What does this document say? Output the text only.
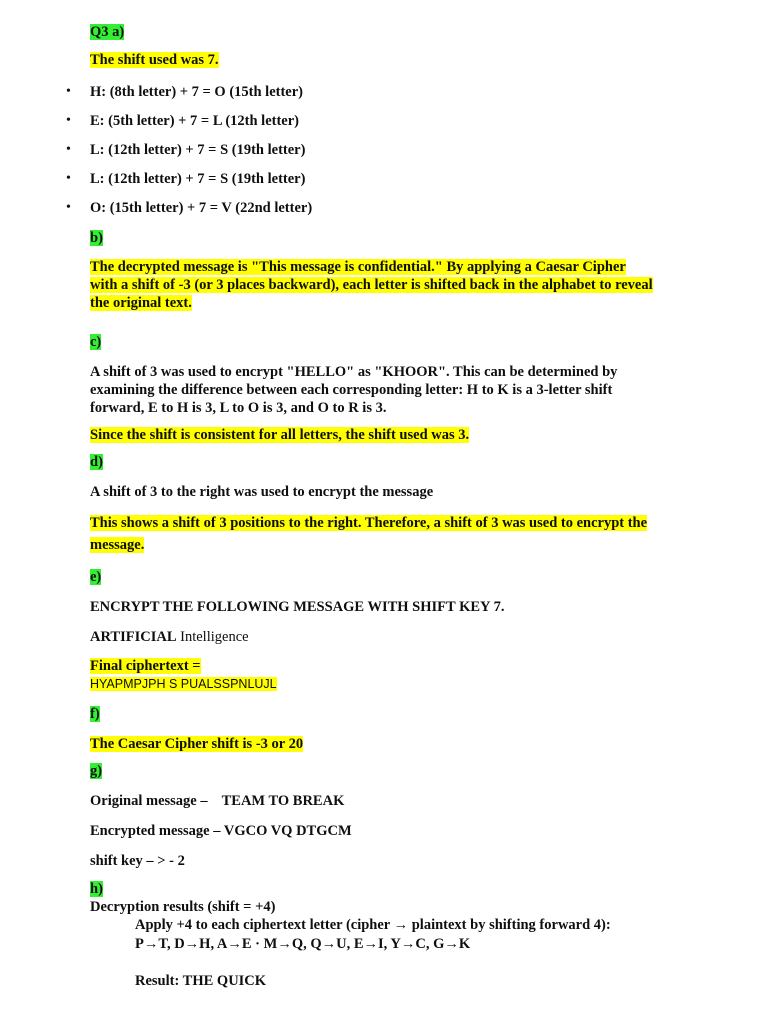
Q3 a)
The shift used was 7.
• H: (8th letter) + 7 = O (15th letter)
• E: (5th letter) + 7 = L (12th letter)
• L: (12th letter) + 7 = S (19th letter)
• L: (12th letter) + 7 = S (19th letter)
• O: (15th letter) + 7 = V (22nd letter)
b)
The decrypted message is "This message is confidential." By applying a Caesar Cipher
with a shift of -3 (or 3 places backward), each letter is shifted back in the alphabet to reveal
the original text.
c)
A shift of 3 was used to encrypt "HELLO" as "KHOOR". This can be determined by
examining the difference between each corresponding letter: H to K is a 3-letter shift
forward, E to H is 3, L to O is 3, and O to R is 3.
Since the shift is consistent for all letters, the shift used was 3.
d)
A shift of 3 to the right was used to encrypt the message
This shows a shift of 3 positions to the right. Therefore, a shift of 3 was used to encrypt the
message.
e)
ENCRYPT THE FOLLOWING MESSAGE WITH SHIFT KEY 7.
ARTIFICIAL Intelligence
Final ciphertext =
HYAPMPJPH S PUALSSPNLUJL
f)
The Caesar Cipher shift is -3 or 20
g)
Original message – TEAM TO BREAK
Encrypted message – VGCO VQ DTGCM
shift key – > - 2
h)
Decryption results (shift = +4)
Apply +4 to each ciphertext letter (cipher → plaintext by shifting forward 4):
P→T, D→H, A→E · M→Q, Q→U, E→I, Y→C, G→K
Result: THE QUICK
